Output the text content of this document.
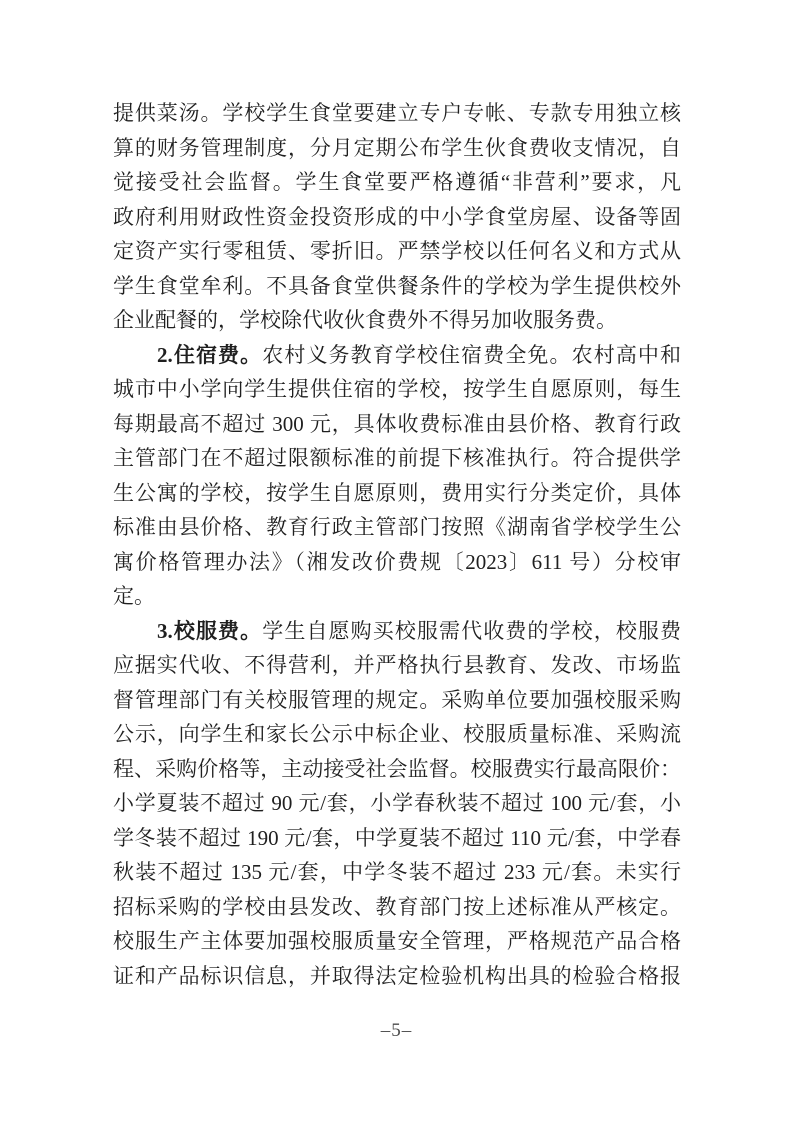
提供菜汤。学校学生食堂要建立专户专帐、专款专用独立核
算的财务管理制度，分月定期公布学生伙食费收支情况，自
觉接受社会监督。学生食堂要严格遵循“非营利”要求，凡
政府利用财政性资金投资形成的中小学食堂房屋、设备等固
定资产实行零租赁、零折旧。严禁学校以任何名义和方式从
学生食堂牟利。不具备食堂供餐条件的学校为学生提供校外
企业配餐的，学校除代收伙食费外不得另加收服务费。
2.住宿费。农村义务教育学校住宿费全免。农村高中和
城市中小学向学生提供住宿的学校，按学生自愿原则，每生
每期最高不超过 300 元，具体收费标准由县价格、教育行政
主管部门在不超过限额标准的前提下核准执行。符合提供学
生公寓的学校，按学生自愿原则，费用实行分类定价，具体
标准由县价格、教育行政主管部门按照《湖南省学校学生公
寓价格管理办法》（湘发改价费规〔2023〕611 号）分校审
定。
3.校服费。学生自愿购买校服需代收费的学校，校服费
应据实代收、不得营利，并严格执行县教育、发改、市场监
督管理部门有关校服管理的规定。采购单位要加强校服采购
公示，向学生和家长公示中标企业、校服质量标准、采购流
程、采购价格等，主动接受社会监督。校服费实行最高限价：
小学夏装不超过 90 元/套，小学春秋装不超过 100 元/套，小
学冬装不超过 190 元/套，中学夏装不超过 110 元/套，中学春
秋装不超过 135 元/套，中学冬装不超过 233 元/套。未实行
招标采购的学校由县发改、教育部门按上述标准从严核定。
校服生产主体要加强校服质量安全管理，严格规范产品合格
证和产品标识信息，并取得法定检验机构出具的检验合格报
–5–
